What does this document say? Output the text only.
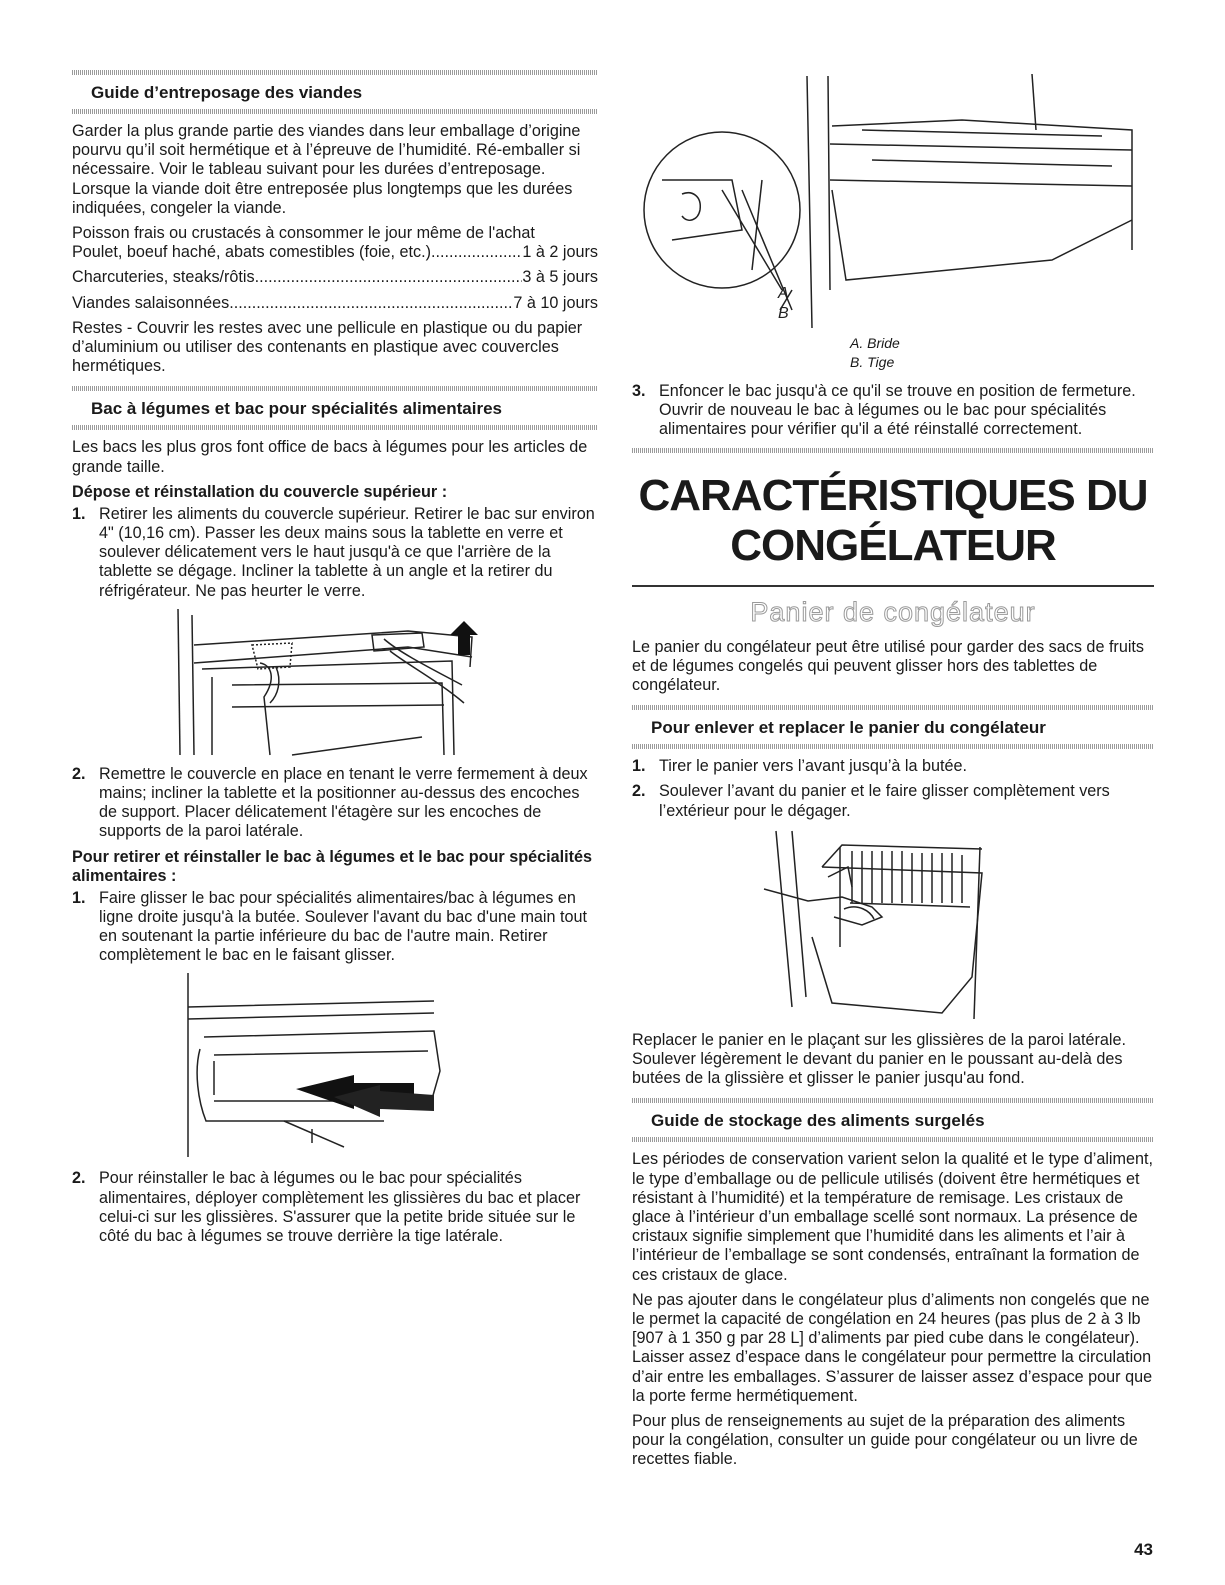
Guide d’entreposage des viandes

Garder la plus grande partie des viandes dans leur emballage d’origine pourvu qu’il soit hermétique et à l’épreuve de l’humidité. Ré-emballer si nécessaire. Voir le tableau suivant pour les durées d’entreposage. Lorsque la viande doit être entreposée plus longtemps que les durées indiquées, congeler la viande.

Poisson frais ou crustacés à consommer le jour même de l'achat

Poulet, boeuf haché, abats comestibles (foie, etc.) .....	1 à 2 jours
Charcuteries, steaks/rôtis .....	3 à 5 jours
Viandes salaisonnées .....	7 à 10 jours

Restes - Couvrir les restes avec une pellicule en plastique ou du papier d’aluminium ou utiliser des contenants en plastique avec couvercles hermétiques.

Bac à légumes et bac pour spécialités alimentaires

Les bacs les plus gros font office de bacs à légumes pour les articles de grande taille.

Dépose et réinstallation du couvercle supérieur :
1. Retirer les aliments du couvercle supérieur. Retirer le bac sur environ 4" (10,16 cm). Passer les deux mains sous la tablette en verre et soulever délicatement vers le haut jusqu'à ce que l'arrière de la tablette se dégage. Incliner la tablette à un angle et la retirer du réfrigérateur. Ne pas heurter le verre.
2. Remettre le couvercle en place en tenant le verre fermement à deux mains; incliner la tablette et la positionner au-dessus des encoches de support. Placer délicatement l'étagère sur les encoches de supports de la paroi latérale.
Pour retirer et réinstaller le bac à légumes et le bac pour spécialités alimentaires :
1. Faire glisser le bac pour spécialités alimentaires/bac à légumes en ligne droite jusqu'à la butée. Soulever l'avant du bac d'une main tout en soutenant la partie inférieure du bac de l'autre main. Retirer complètement le bac en le faisant glisser.
2. Pour réinstaller le bac à légumes ou le bac pour spécialités alimentaires, déployer complètement les glissières du bac et placer celui-ci sur les glissières. S'assurer que la petite bride située sur le côté du bac à légumes se trouve derrière la tige latérale.
A
B
A. Bride
B. Tige
3. Enfoncer le bac jusqu'à ce qu'il se trouve en position de fermeture. Ouvrir de nouveau le bac à légumes ou le bac pour spécialités alimentaires pour vérifier qu'il a été réinstallé correctement.
CARACTÉRISTIQUES DU
CONGÉLATEUR
Panier de congélateur

Le panier du congélateur peut être utilisé pour garder des sacs de fruits et de légumes congelés qui peuvent glisser hors des tablettes de congélateur.

Pour enlever et replacer le panier du congélateur
1. Tirer le panier vers l’avant jusqu’à la butée.
2. Soulever l’avant du panier et le faire glisser complètement vers l’extérieur pour le dégager.

Replacer le panier en le plaçant sur les glissières de la paroi latérale. Soulever légèrement le devant du panier en le poussant au-delà des butées de la glissière et glisser le panier jusqu'au fond.

Guide de stockage des aliments surgelés

Les périodes de conservation varient selon la qualité et le type d’aliment, le type d’emballage ou de pellicule utilisés (doivent être hermétiques et résistant à l’humidité) et la température de remisage. Les cristaux de glace à l’intérieur d’un emballage scellé sont normaux. La présence de cristaux signifie simplement que l’humidité dans les aliments et l’air à l’intérieur de l’emballage se sont condensés, entraînant la formation de ces cristaux de glace.

Ne pas ajouter dans le congélateur plus d’aliments non congelés que ne le permet la capacité de congélation en 24 heures (pas plus de 2 à 3 lb [907 à 1 350 g par 28 L] d’aliments par pied cube dans le congélateur). Laisser assez d’espace dans le congélateur pour permettre la circulation d’air entre les emballages. S’assurer de laisser assez d’espace pour que la porte ferme hermétiquement.

Pour plus de renseignements au sujet de la préparation des aliments pour la congélation, consulter un guide pour congélateur ou un livre de recettes fiable.

43
